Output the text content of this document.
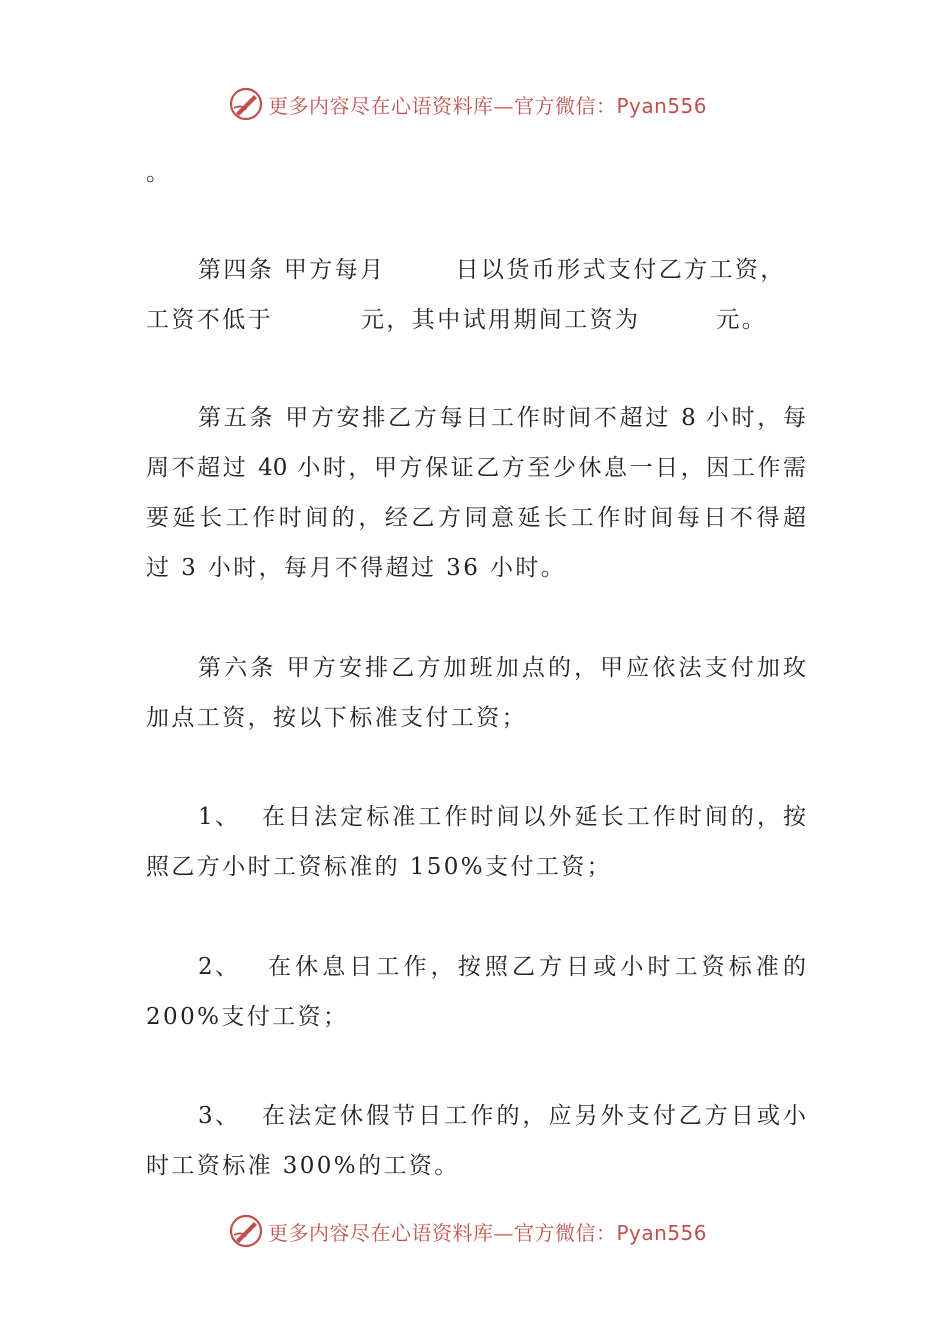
更多内容尽在心语资料库—官方微信：Pyan556
。
第四条 甲方每月	日以货币形式支付乙方工资，
工资不低于	元，其中试用期间工资为	元。
第五条 甲方安排乙方每日工作时间不超过 8 小时，每
周不超过 40 小时，甲方保证乙方至少休息一日，因工作需
要延长工作时间的，经乙方同意延长工作时间每日不得超
过 3 小时，每月不得超过 36 小时。
第六条 甲方安排乙方加班加点的，甲应依法支付加玫
加点工资，按以下标准支付工资；
1、 在日法定标准工作时间以外延长工作时间的，按
照乙方小时工资标准的 150%支付工资；
2、 在休息日工作，按照乙方日或小时工资标准的
200%支付工资；
3、 在法定休假节日工作的，应另外支付乙方日或小
时工资标准 300%的工资。
更多内容尽在心语资料库—官方微信：Pyan556
